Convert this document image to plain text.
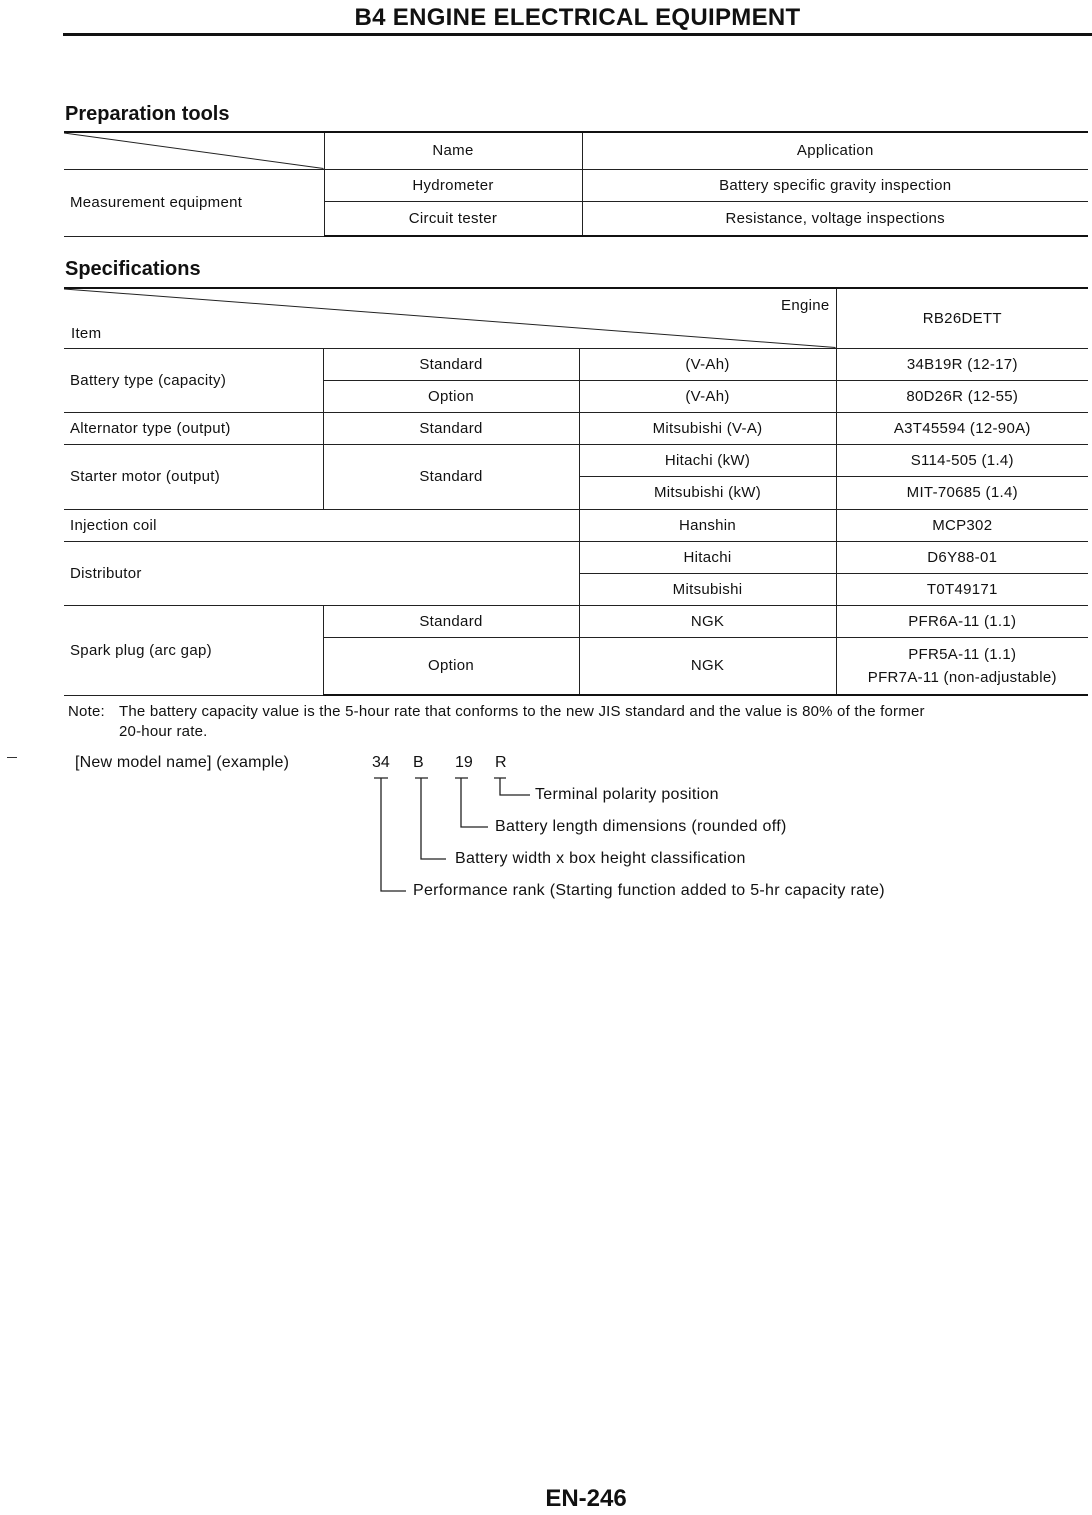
B4 ENGINE ELECTRICAL EQUIPMENT
Preparation tools
	Name	Application
Measurement equipment	Hydrometer	Battery specific gravity inspection
	Circuit tester	Resistance, voltage inspections
Specifications
Engine
Item			RB26DETT
Battery type (capacity)	Standard	(V-Ah)	34B19R (12-17)
	Option	(V-Ah)	80D26R (12-55)
Alternator type (output)	Standard	Mitsubishi (V-A)	A3T45594 (12-90A)
Starter motor (output)	Standard	Hitachi (kW)	S114-505 (1.4)
		Mitsubishi (kW)	MIT-70685 (1.4)
Injection coil		Hanshin	MCP302
Distributor		Hitachi	D6Y88-01
		Mitsubishi	T0T49171
Spark plug (arc gap)	Standard	NGK	PFR6A-11 (1.1)
	Option	NGK	PFR5A-11 (1.1)
PFR7A-11 (non-adjustable)
Note: The battery capacity value is the 5-hour rate that conforms to the new JIS standard and the value is 80% of the former
20-hour rate.
[New model name] (example)	34 B 19 R
Terminal polarity position
Battery length dimensions (rounded off)
Battery width x box height classification
Performance rank (Starting function added to 5-hr capacity rate)
EN-246
